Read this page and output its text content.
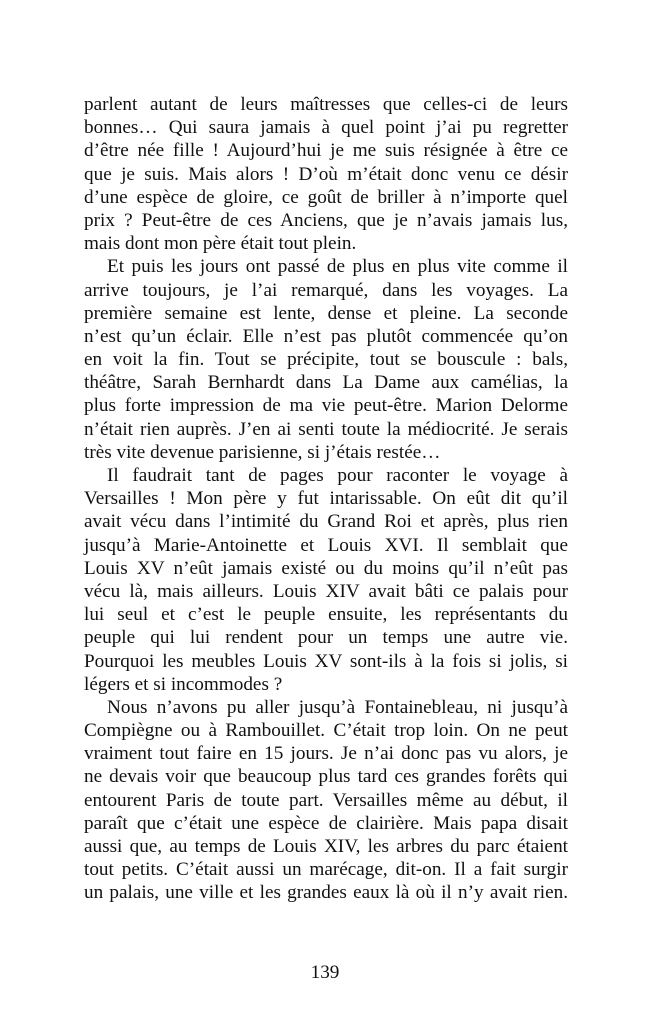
parlent autant de leurs maîtresses que celles-ci de leurs
bonnes… Qui saura jamais à quel point j’ai pu regretter
d’être née fille ! Aujourd’hui je me suis résignée à être ce
que je suis. Mais alors ! D’où m’était donc venu ce désir
d’une espèce de gloire, ce goût de briller à n’importe quel
prix ? Peut-être de ces Anciens, que je n’avais jamais lus,
mais dont mon père était tout plein.
Et puis les jours ont passé de plus en plus vite comme il
arrive toujours, je l’ai remarqué, dans les voyages. La
première semaine est lente, dense et pleine. La seconde
n’est qu’un éclair. Elle n’est pas plutôt commencée qu’on
en voit la fin. Tout se précipite, tout se bouscule : bals,
théâtre, Sarah Bernhardt dans La Dame aux camélias, la
plus forte impression de ma vie peut-être. Marion Delorme
n’était rien auprès. J’en ai senti toute la médiocrité. Je serais
très vite devenue parisienne, si j’étais restée…
Il faudrait tant de pages pour raconter le voyage à
Versailles ! Mon père y fut intarissable. On eût dit qu’il
avait vécu dans l’intimité du Grand Roi et après, plus rien
jusqu’à Marie-Antoinette et Louis XVI. Il semblait que
Louis XV n’eût jamais existé ou du moins qu’il n’eût pas
vécu là, mais ailleurs. Louis XIV avait bâti ce palais pour
lui seul et c’est le peuple ensuite, les représentants du
peuple qui lui rendent pour un temps une autre vie.
Pourquoi les meubles Louis XV sont-ils à la fois si jolis, si
légers et si incommodes ?
Nous n’avons pu aller jusqu’à Fontainebleau, ni jusqu’à
Compiègne ou à Rambouillet. C’était trop loin. On ne peut
vraiment tout faire en 15 jours. Je n’ai donc pas vu alors, je
ne devais voir que beaucoup plus tard ces grandes forêts qui
entourent Paris de toute part. Versailles même au début, il
paraît que c’était une espèce de clairière. Mais papa disait
aussi que, au temps de Louis XIV, les arbres du parc étaient
tout petits. C’était aussi un marécage, dit-on. Il a fait surgir
un palais, une ville et les grandes eaux là où il n’y avait rien.
139
